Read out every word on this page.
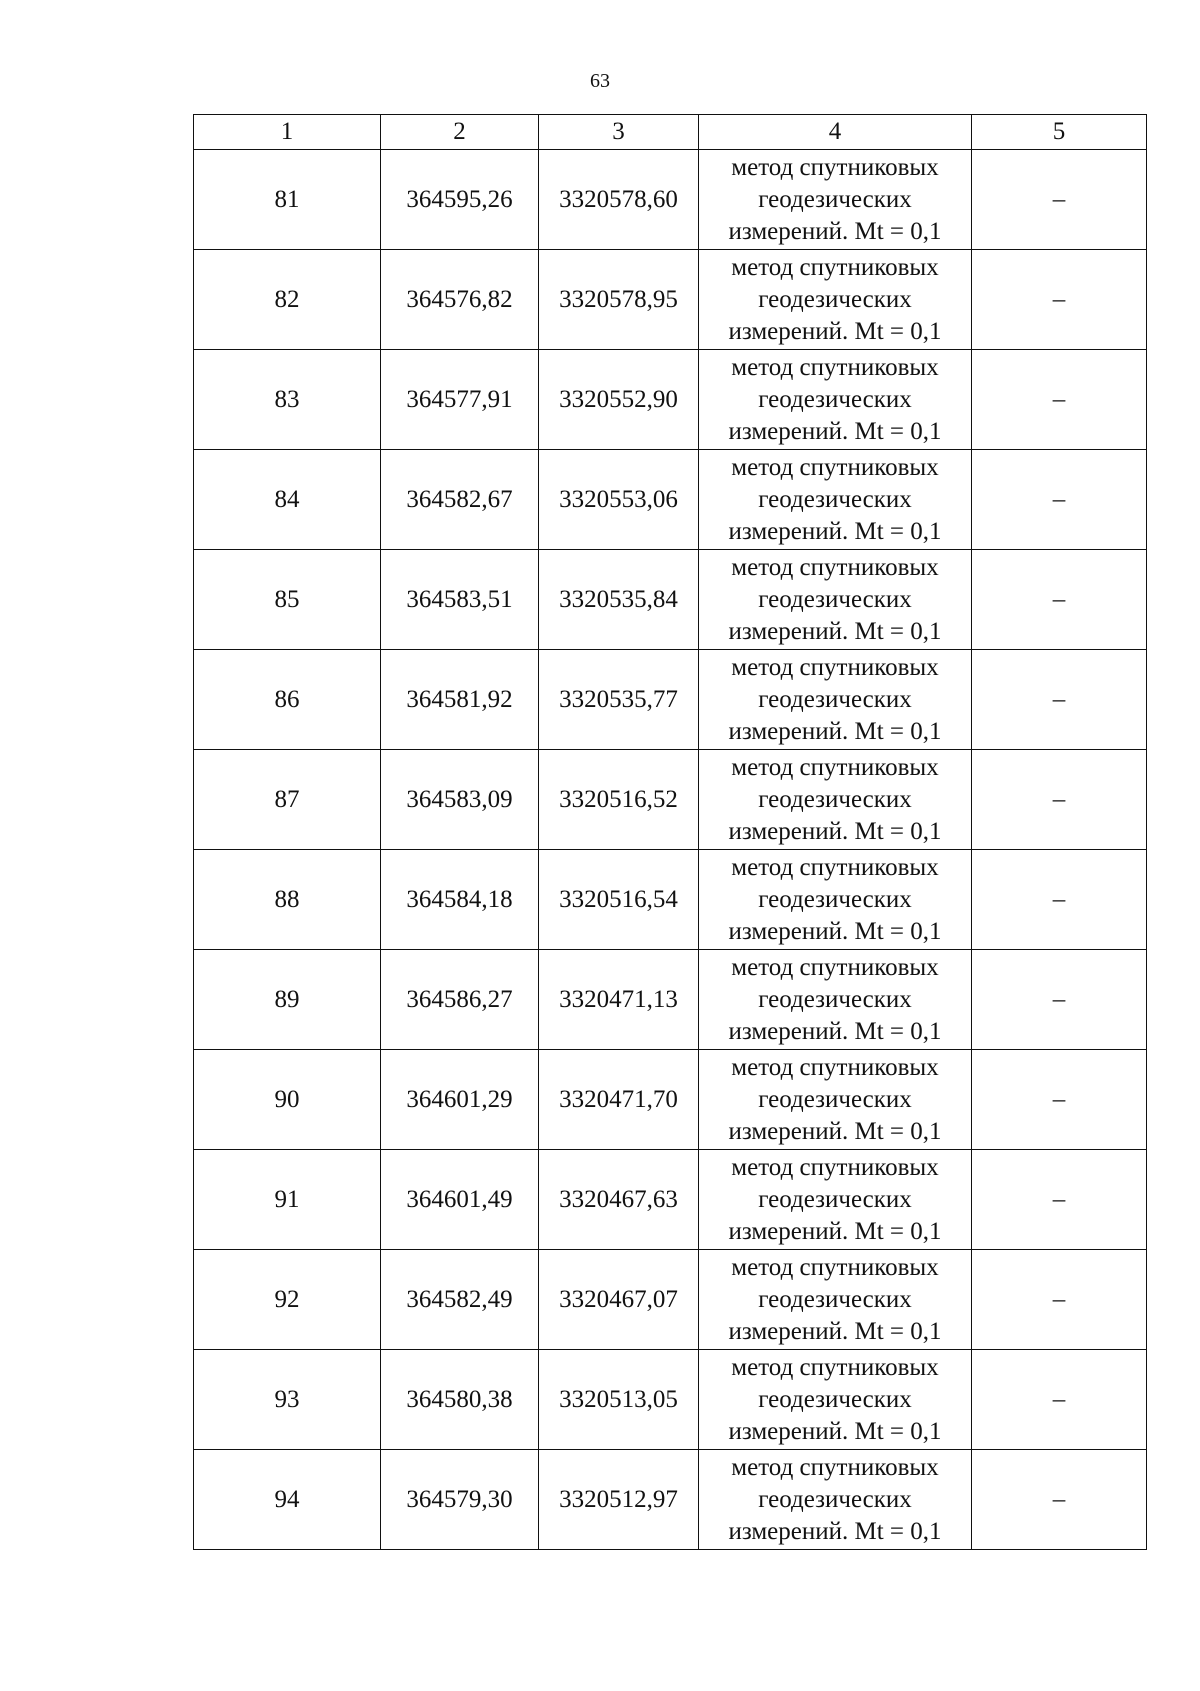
63
1	2	3	4	5
81	364595,26	3320578,60	метод спутниковых
геодезических
измерений. Mt = 0,1	–
82	364576,82	3320578,95	метод спутниковых
геодезических
измерений. Mt = 0,1	–
83	364577,91	3320552,90	метод спутниковых
геодезических
измерений. Mt = 0,1	–
84	364582,67	3320553,06	метод спутниковых
геодезических
измерений. Mt = 0,1	–
85	364583,51	3320535,84	метод спутниковых
геодезических
измерений. Mt = 0,1	–
86	364581,92	3320535,77	метод спутниковых
геодезических
измерений. Mt = 0,1	–
87	364583,09	3320516,52	метод спутниковых
геодезических
измерений. Mt = 0,1	–
88	364584,18	3320516,54	метод спутниковых
геодезических
измерений. Mt = 0,1	–
89	364586,27	3320471,13	метод спутниковых
геодезических
измерений. Mt = 0,1	–
90	364601,29	3320471,70	метод спутниковых
геодезических
измерений. Mt = 0,1	–
91	364601,49	3320467,63	метод спутниковых
геодезических
измерений. Mt = 0,1	–
92	364582,49	3320467,07	метод спутниковых
геодезических
измерений. Mt = 0,1	–
93	364580,38	3320513,05	метод спутниковых
геодезических
измерений. Mt = 0,1	–
94	364579,30	3320512,97	метод спутниковых
геодезических
измерений. Mt = 0,1	–
